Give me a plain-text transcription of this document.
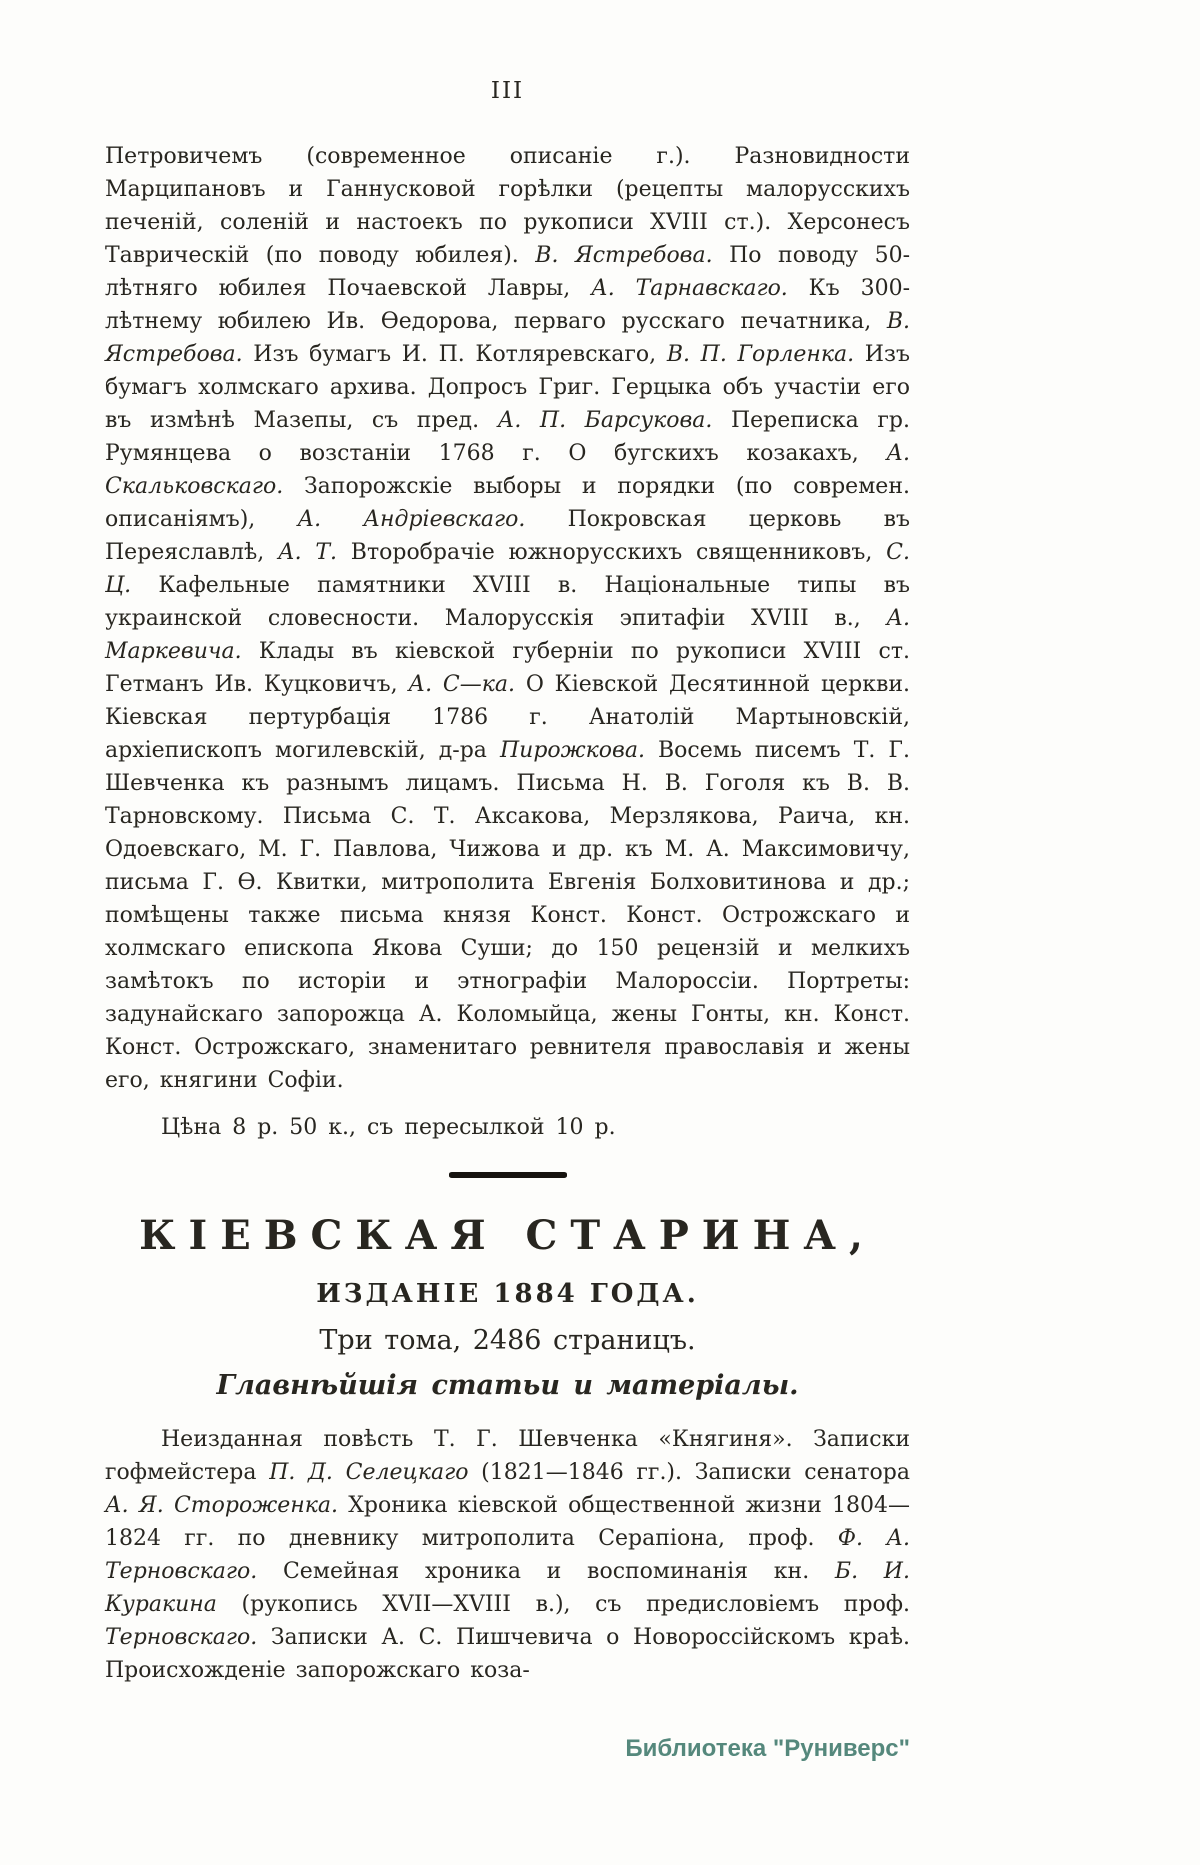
III

Петровичемъ (современное описаніе г.). Разновидности Марципановъ и Ганнусковой горѣлки (рецепты малорусскихъ печеній, соленій и настоекъ по рукописи XVIII ст.). Херсонесъ Таврическій (по поводу юбилея). В. Ястребова. По поводу 50-лѣтняго юбилея Почаевской Лавры, А. Тарнавскаго. Къ 300-лѣтнему юбилею Ив. Ѳедорова, перваго русскаго печатника, В. Ястребова. Изъ бумагъ И. П. Котляревскаго, В. П. Горленка. Изъ бумагъ холмскаго архива. Допросъ Григ. Герцыка объ участіи его въ измѣнѣ Мазепы, съ пред. А. П. Барсукова. Переписка гр. Румянцева о возстаніи 1768 г. О бугскихъ козакахъ, А. Скальковскаго. Запорожскіе выборы и порядки (по современ. описаніямъ), А. Андріевскаго. Покровская церковь въ Переяславлѣ, А. Т. Второбрачіе южнорусскихъ священниковъ, С. Ц. Кафельные памятники XVIII в. Національные типы въ украинской словесности. Малорусскія эпитафіи XVIII в., А. Маркевича. Клады въ кіевской губерніи по рукописи XVIII ст. Гетманъ Ив. Куцковичъ, А. С—ка. О Кіевской Десятинной церкви. Кіевская пертурбація 1786 г. Анатолій Мартыновскій, архіепископъ могилевскій, д-ра Пирожкова. Восемь писемъ Т. Г. Шевченка къ разнымъ лицамъ. Письма Н. В. Гоголя къ В. В. Тарновскому. Письма С. Т. Аксакова, Мерзлякова, Раича, кн. Одоевскаго, М. Г. Павлова, Чижова и др. къ М. А. Максимовичу, письма Г. Ѳ. Квитки, митрополита Евгенія Болховитинова и др.; помѣщены также письма князя Конст. Конст. Острожскаго и холмскаго епископа Якова Суши; до 150 рецензій и мелкихъ замѣтокъ по исторіи и этнографіи Малороссіи. Портреты: задунайскаго запорожца А. Коломыйца, жены Гонты, кн. Конст. Конст. Острожскаго, знаменитаго ревнителя православія и жены его, княгини Софіи.

Цѣна 8 р. 50 к., съ пересылкой 10 р.

КІЕВСКАЯ СТАРИНА,
ИЗДАНІЕ 1884 ГОДА.
Три тома, 2486 страницъ.
Главнѣйшія статьи и матеріалы.

Неизданная повѣсть Т. Г. Шевченка «Княгиня». Записки гофмейстера П. Д. Селецкаго (1821—1846 гг.). Записки сенатора А. Я. Стороженка. Хроника кіевской общественной жизни 1804—1824 гг. по дневнику митрополита Серапіона, проф. Ф. А. Терновскаго. Семейная хроника и воспоминанія кн. Б. И. Куракина (рукопись XVII—XVIII в.), съ предисловіемъ проф. Терновскаго. Записки А. С. Пишчевича о Новороссійскомъ краѣ. Происхожденіе запорожскаго коза-

Библиотека "Руниверс"
